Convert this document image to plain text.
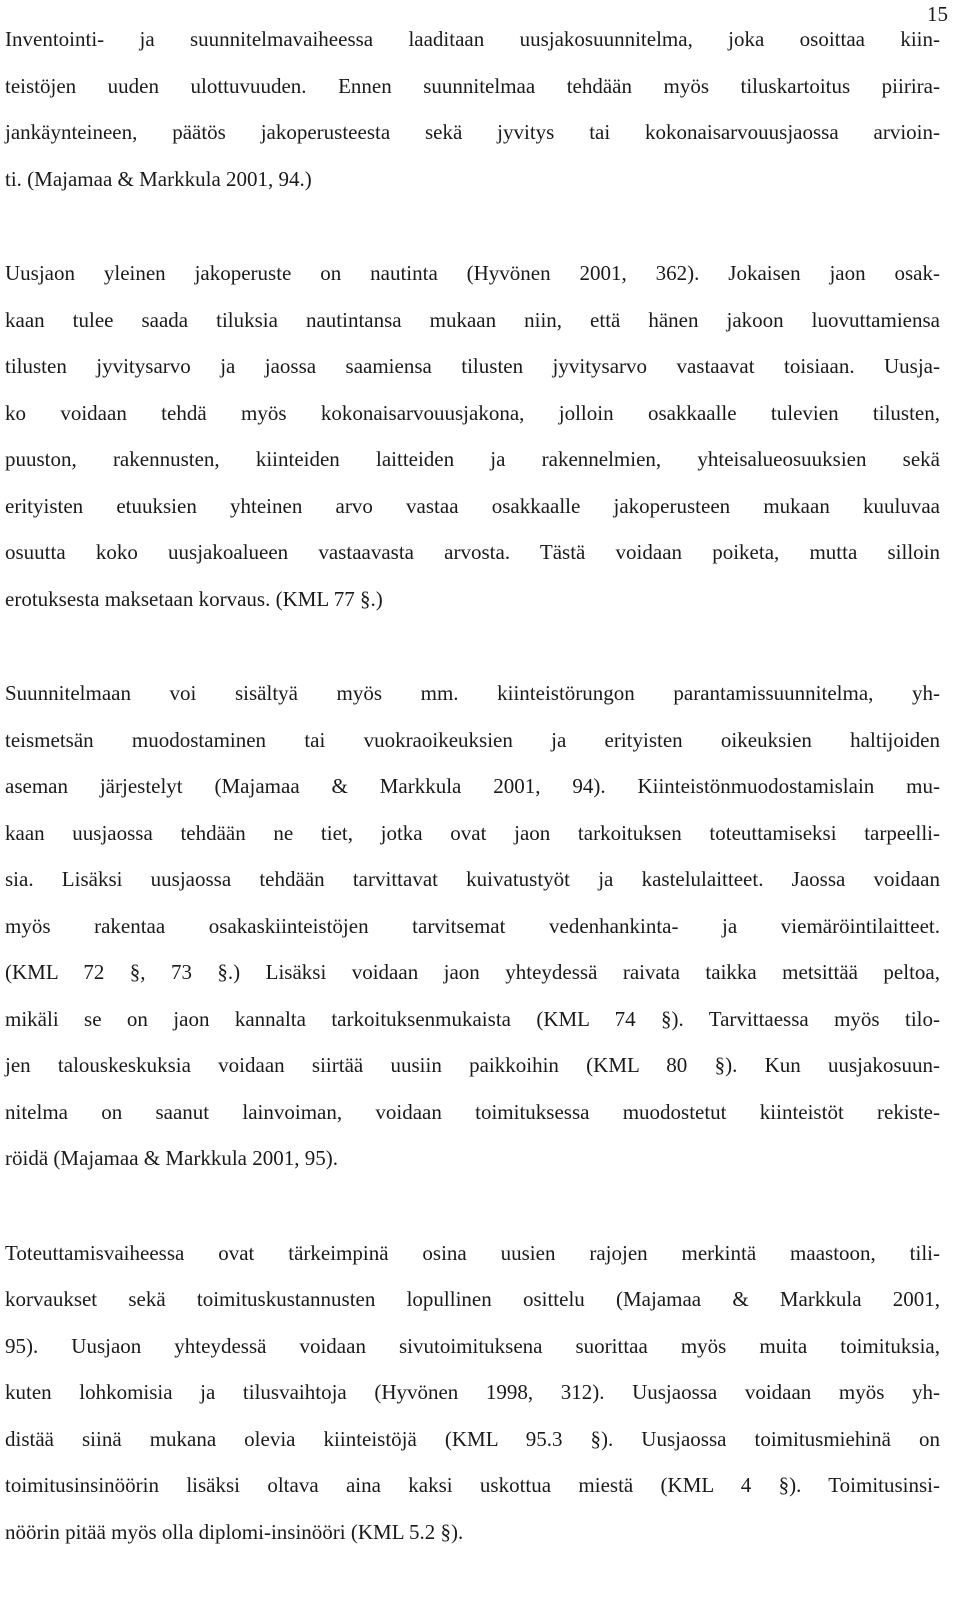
15

Inventointi- ja suunnitelmavaiheessa laaditaan uusjakosuunnitelma, joka osoittaa kiin-
teistöjen uuden ulottuvuuden. Ennen suunnitelmaa tehdään myös tiluskartoitus piirira-
jankäynteineen, päätös jakoperusteesta sekä jyvitys tai kokonaisarvouusjaossa arvioin-
ti. (Majamaa & Markkula 2001, 94.)

Uusjaon yleinen jakoperuste on nautinta (Hyvönen 2001, 362). Jokaisen jaon osak-
kaan tulee saada tiluksia nautintansa mukaan niin, että hänen jakoon luovuttamiensa
tilusten jyvitysarvo ja jaossa saamiensa tilusten jyvitysarvo vastaavat toisiaan. Uusja-
ko voidaan tehdä myös kokonaisarvouusjakona, jolloin osakkaalle tulevien tilusten,
puuston, rakennusten, kiinteiden laitteiden ja rakennelmien, yhteisalueosuuksien sekä
erityisten etuuksien yhteinen arvo vastaa osakkaalle jakoperusteen mukaan kuuluvaa
osuutta koko uusjakoalueen vastaavasta arvosta. Tästä voidaan poiketa, mutta silloin
erotuksesta maksetaan korvaus. (KML 77 §.)

Suunnitelmaan voi sisältyä myös mm. kiinteistörungon parantamissuunnitelma, yh-
teismetsän muodostaminen tai vuokraoikeuksien ja erityisten oikeuksien haltijoiden
aseman järjestelyt (Majamaa & Markkula 2001, 94). Kiinteistönmuodostamislain mu-
kaan uusjaossa tehdään ne tiet, jotka ovat jaon tarkoituksen toteuttamiseksi tarpeelli-
sia. Lisäksi uusjaossa tehdään tarvittavat kuivatustyöt ja kastelulaitteet. Jaossa voidaan
myös rakentaa osakaskiinteistöjen tarvitsemat vedenhankinta- ja viemäröintilaitteet.
(KML 72 §, 73 §.) Lisäksi voidaan jaon yhteydessä raivata taikka metsittää peltoa,
mikäli se on jaon kannalta tarkoituksenmukaista (KML 74 §). Tarvittaessa myös tilo-
jen talouskeskuksia voidaan siirtää uusiin paikkoihin (KML 80 §). Kun uusjakosuun-
nitelma on saanut lainvoiman, voidaan toimituksessa muodostetut kiinteistöt rekiste-
röidä (Majamaa & Markkula 2001, 95).

Toteuttamisvaiheessa ovat tärkeimpinä osina uusien rajojen merkintä maastoon, tili-
korvaukset sekä toimituskustannusten lopullinen osittelu (Majamaa & Markkula 2001,
95). Uusjaon yhteydessä voidaan sivutoimituksena suorittaa myös muita toimituksia,
kuten lohkomisia ja tilusvaihtoja (Hyvönen 1998, 312). Uusjaossa voidaan myös yh-
distää siinä mukana olevia kiinteistöjä (KML 95.3 §). Uusjaossa toimitusmiehinä on
toimitusinsinöörin lisäksi oltava aina kaksi uskottua miestä (KML 4 §). Toimitusinsi-
nöörin pitää myös olla diplomi-insinööri (KML 5.2 §).
